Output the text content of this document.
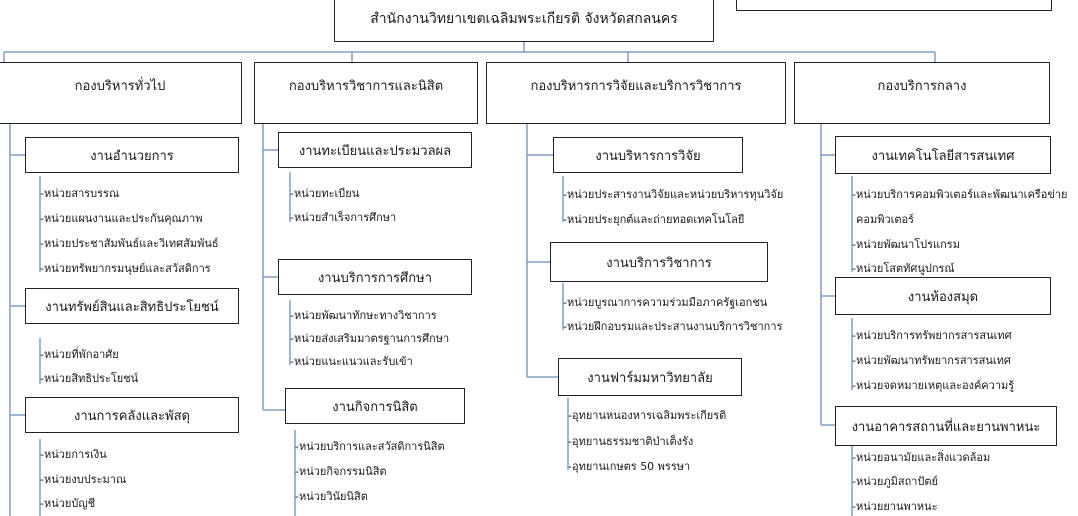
สำนักงานวิทยาเขตเฉลิมพระเกียรติ จังหวัดสกลนคร
กองบริหารทั่วไป
งานอำนวยการ
-หน่วยสารบรรณ
-หน่วยแผนงานและประกันคุณภาพ
-หน่วยประชาสัมพันธ์และวิเทศสัมพันธ์
-หน่วยทรัพยากรมนุษย์และสวัสดิการ
งานทรัพย์สินและสิทธิประโยชน์
-หน่วยที่พักอาศัย
-หน่วยสิทธิประโยชน์
งานการคลังและพัสดุ
-หน่วยการเงิน
-หน่วยงบประมาณ
-หน่วยบัญชี
กองบริหารวิชาการและนิสิต
งานทะเบียนและประมวลผล
-หน่วยทะเบียน
-หน่วยสำเร็จการศึกษา
งานบริการการศึกษา
-หน่วยพัฒนาทักษะทางวิชาการ
-หน่วยส่งเสริมมาตรฐานการศึกษา
-หน่วยแนะแนวและรับเข้า
งานกิจการนิสิต
-หน่วยบริการและสวัสดิการนิสิต
-หน่วยกิจกรรมนิสิต
-หน่วยวินัยนิสิต
กองบริหารการวิจัยและบริการวิชาการ
งานบริหารการวิจัย
-หน่วยประสารงานวิจัยและหน่วยบริหารทุนวิจัย
-หน่วยประยุกต์และถ่ายทอดเทคโนโลยี
งานบริการวิชาการ
-หน่วยบูรณาการความร่วมมือภาครัฐเอกชน
-หน่วยฝึกอบรมและประสานงานบริการวิชาการ
งานฟาร์มมหาวิทยาลัย
-อุทยานหนองหารเฉลิมพระเกียรติ
-อุทยานธรรมชาติป่าเต็งรัง
-อุทยานเกษตร 50 พรรษา
กองบริการกลาง
งานเทคโนโลยีสารสนเทศ
-หน่วยบริการคอมพิวเตอร์และพัฒนาเครือข่าย
คอมพิวเตอร์
-หน่วยพัฒนาโปรแกรม
-หน่วยโสตทัศนูปกรณ์
งานห้องสมุด
-หน่วยบริการทรัพยากรสารสนเทศ
-หน่วยพัฒนาทรัพยากรสารสนเทศ
-หน่วยจดหมายเหตุและองค์ความรู้
งานอาคารสถานที่และยานพาหนะ
-หน่วยอนามัยและสิ่งแวดล้อม
-หน่วยภูมิสถาปัตย์
-หน่วยยานพาหนะ
